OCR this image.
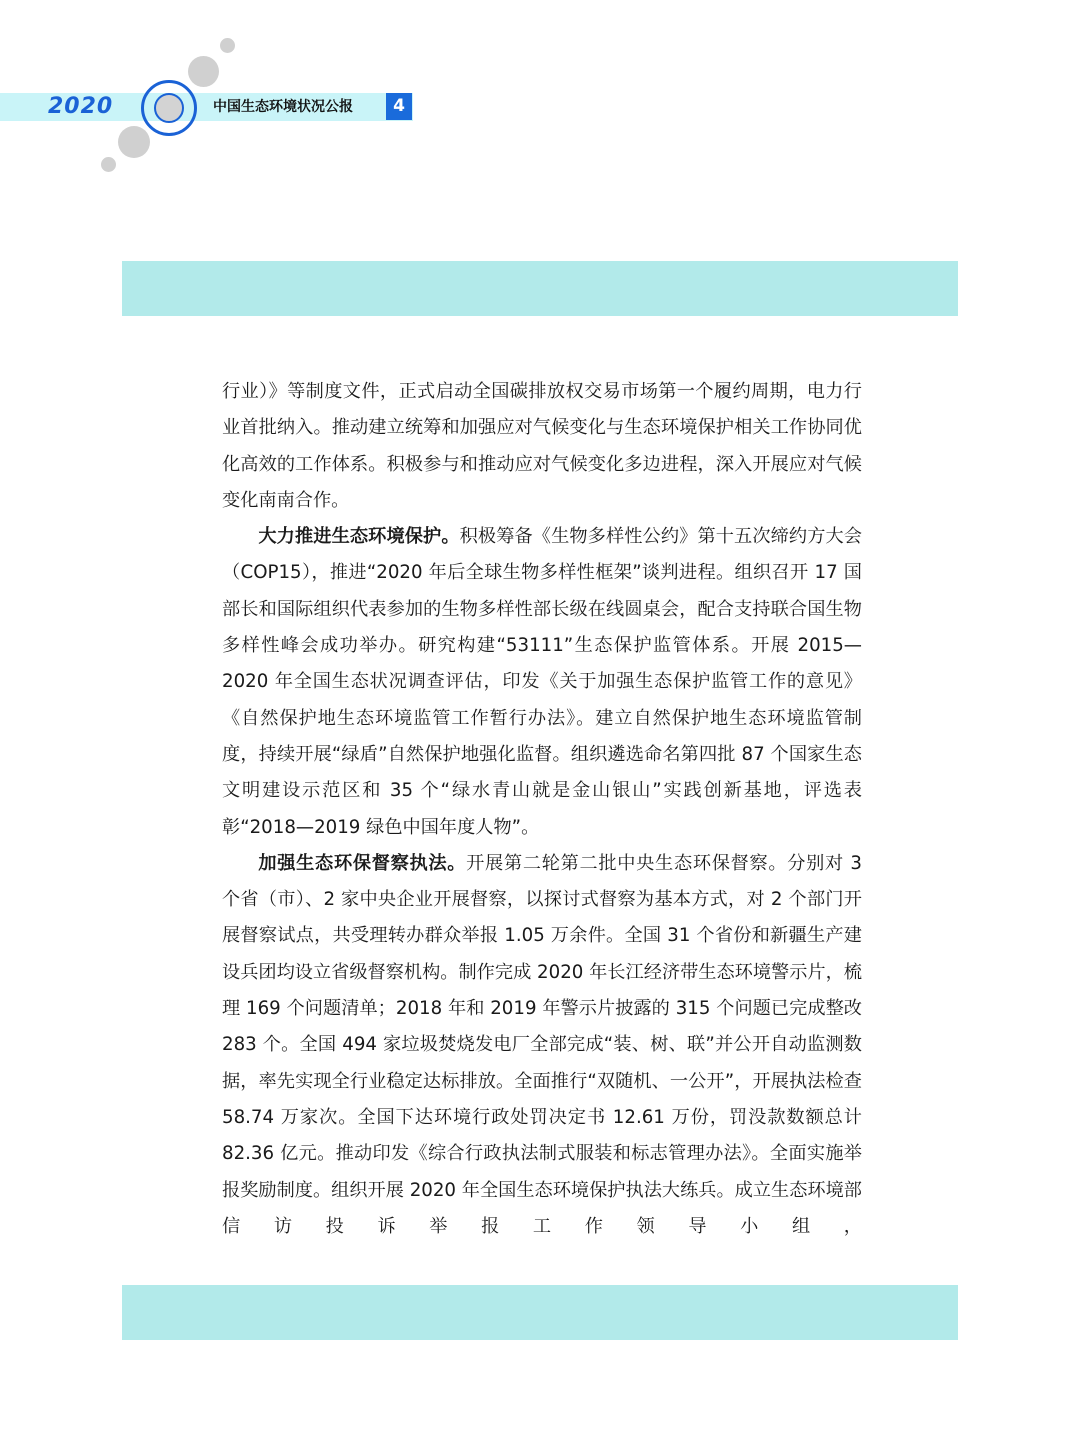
2020	中国生态环境状况公报	4

行业）》等制度文件，正式启动全国碳排放权交易市场第一个履约周期，电力行业首批纳入。推动建立统筹和加强应对气候变化与生态环境保护相关工作协同优化高效的工作体系。积极参与和推动应对气候变化多边进程，深入开展应对气候变化南南合作。

大力推进生态环境保护。积极筹备《生物多样性公约》第十五次缔约方大会（COP15），推进“2020 年后全球生物多样性框架”谈判进程。组织召开 17 国部长和国际组织代表参加的生物多样性部长级在线圆桌会，配合支持联合国生物多样性峰会成功举办。研究构建“53111”生态保护监管体系。开展 2015—2020 年全国生态状况调查评估，印发《关于加强生态保护监管工作的意见》《自然保护地生态环境监管工作暂行办法》。建立自然保护地生态环境监管制度，持续开展“绿盾”自然保护地强化监督。组织遴选命名第四批 87 个国家生态文明建设示范区和 35 个“绿水青山就是金山银山”实践创新基地，评选表彰“2018—2019 绿色中国年度人物”。

加强生态环保督察执法。开展第二轮第二批中央生态环保督察。分别对 3 个省（市）、2 家中央企业开展督察，以探讨式督察为基本方式，对 2 个部门开展督察试点，共受理转办群众举报 1.05 万余件。全国 31 个省份和新疆生产建设兵团均设立省级督察机构。制作完成 2020 年长江经济带生态环境警示片，梳理 169 个问题清单；2018 年和 2019 年警示片披露的 315 个问题已完成整改 283 个。全国 494 家垃圾焚烧发电厂全部完成“装、树、联”并公开自动监测数据，率先实现全行业稳定达标排放。全面推行“双随机、一公开”，开展执法检查 58.74 万家次。全国下达环境行政处罚决定书 12.61 万份，罚没款数额总计 82.36 亿元。推动印发《综合行政执法制式服装和标志管理办法》。全面实施举报奖励制度。组织开展 2020 年全国生态环境保护执法大练兵。成立生态环境部信访投诉举报工作领导小组，
